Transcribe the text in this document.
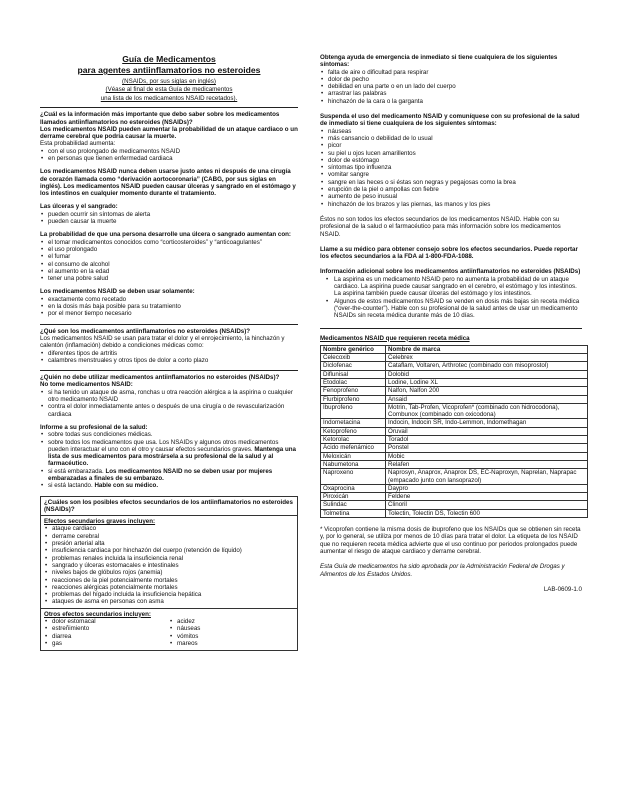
Guía de Medicamentos
para agentes antiinflamatorios no esteroides
(NSAIDs, por sus siglas en inglés)
(Véase al final de esta Guía de medicamentos
una lista de los medicamentos NSAID recetados).
¿Cuál es la información más importante que debo saber sobre los medicamentos llamados antiinflamatorios no esteroides (NSAIDs)?
Los medicamentos NSAID pueden aumentar la probabilidad de un ataque cardiaco o un derrame cerebral que podría causar la muerte.
Esta probabilidad aumenta:
• con el uso prolongado de medicamentos NSAID
• en personas que tienen enfermedad cardiaca

Los medicamentos NSAID nunca deben usarse justo antes ni después de una cirugía de corazón llamada como “derivación aortocoronaria” (CABG, por sus siglas en inglés). Los medicamentos NSAID pueden causar úlceras y sangrado en el estómago y los intestinos en cualquier momento durante el tratamiento.

Las úlceras y el sangrado:
• pueden ocurrir sin síntomas de alerta
• pueden causar la muerte
La probabilidad de que una persona desarrolle una úlcera o sangrado aumentan con:
• el tomar medicamentos conocidos como “corticosteroides” y “anticoagulantes”
• el uso prolongado
• el fumar
• el consumo de alcohol
• el aumento en la edad
• tener una pobre salud
Los medicamentos NSAID se deben usar solamente:
• exactamente como recetado
• en la dosis más baja posible para su tratamiento
• por el menor tiempo necesario
¿Qué son los medicamentos antiinflamatorios no esteroides (NSAIDs)?
Los medicamentos NSAID se usan para tratar el dolor y el enrojecimiento, la hinchazón y calentón (inflamación) debido a condiciones médicas como:
• diferentes tipos de artritis
• calambres menstruales y otros tipos de dolor a corto plazo
¿Quién no debe utilizar medicamentos antiinflamatorios no esteroides (NSAIDs)?
No tome medicamentos NSAID:
• si ha tenido un ataque de asma, ronchas u otra reacción alérgica a la aspirina o cualquier otro medicamento NSAID
• contra el dolor inmediatamente antes o después de una cirugía o de revascularización cardiaca
Informe a su profesional de la salud:
• sobre todas sus condiciones médicas.
• sobre todos los medicamentos que usa. Los NSAIDs y algunos otros medicamentos pueden interactuar el uno con el otro y causar efectos secundarios graves. Mantenga una lista de sus medicamentos para mostrársela a su profesional de la salud y al farmacéutico.
• si está embarazada. Los medicamentos NSAID no se deben usar por mujeres embarazadas a finales de su embarazo.
• si está lactando. Hable con su médico.
¿Cuáles son los posibles efectos secundarios de los antiinflamatorios no esteroides (NSAIDs)?
Efectos secundarios graves incluyen:
• ataque cardiaco
• derrame cerebral
• presión arterial alta
• insuficiencia cardiaca por hinchazón del cuerpo (retención de líquido)
• problemas renales incluida la insuficiencia renal
• sangrado y úlceras estomacales e intestinales
• niveles bajos de glóbulos rojos (anemia)
• reacciones de la piel potencialmente mortales
• reacciones alérgicas potencialmente mortales
• problemas del hígado incluida la insuficiencia hepática
• ataques de asma en personas con asma
Otros efectos secundarios incluyen:
• dolor estomacal
• estreñimiento
• diarrea
• gas
• acidez
• náuseas
• vómitos
• mareos
Obtenga ayuda de emergencia de inmediato si tiene cualquiera de los siguientes síntomas:
• falta de aire o dificultad para respirar
• dolor de pecho
• debilidad en una parte o en un lado del cuerpo
• arrastrar las palabras
• hinchazón de la cara o la garganta
Suspenda el uso del medicamento NSAID y comuníquese con su profesional de la salud de inmediato si tiene cualquiera de los siguientes síntomas:
• náuseas
• más cansancio o debilidad de lo usual
• picor
• su piel u ojos lucen amarillentos
• dolor de estómago
• síntomas tipo influenza
• vomitar sangre
• sangre en las heces o si éstas son negras y pegajosas como la brea
• erupción de la piel o ampollas con fiebre
• aumento de peso inusual
• hinchazón de los brazos y las piernas, las manos y los pies

Éstos no son todos los efectos secundarios de los medicamentos NSAID. Hable con su profesional de la salud o el farmacéutico para más información sobre los medicamentos NSAID.

Llame a su médico para obtener consejo sobre los efectos secundarios. Puede reportar los efectos secundarios a la FDA al 1-800-FDA-1088.

Información adicional sobre los medicamentos antiinflamatorios no esteroides (NSAIDs)
• La aspirina es un medicamento NSAID pero no aumenta la probabilidad de un ataque cardiaco. La aspirina puede causar sangrado en el cerebro, el estómago y los intestinos. La aspirina también puede causar úlceras del estómago y los intestinos.
• Algunos de estos medicamentos NSAID se venden en dosis más bajas sin receta médica (“over-the-counter”). Hable con su profesional de la salud antes de usar un medicamento NSAIDs sin receta médica durante más de 10 días.
Medicamentos NSAID que requieren receta médica
Nombre genérico	Nombre de marca
Celecoxib	Celebrex
Diclofenac	Cataflam, Voltaren, Arthrotec (combinado con misoprostol)
Diflunisal	Dolobid
Etodolac	Lodine, Lodine XL
Fenoprofeno	Nalfon, Nalfon 200
Flurbiprofeno	Ansaid
Ibuprofeno	Motrin, Tab-Profen, Vicoprofen* (combinado con hidrocodona), Combunox (combinado con oxicodona)
Indometacina	Indocin, Indocin SR, Indo-Lemmon, Indomethagan
Ketoprofeno	Oruvail
Ketorolac	Toradol
Ácido mefenámico	Ponstel
Meloxicán	Mobic
Nabumetona	Relafen
Naproxeno	Naprosyn, Anaprox, Anaprox DS, EC-Naproxyn, Naprelan, Naprapac (empacado junto con lansoprazol)
Oxaprocina	Daypro
Piroxicán	Feldene
Sulindac	Clinoril
Tolmetina	Tolectin, Tolectin DS, Tolectin 600

* Vicoprofen contiene la misma dosis de ibuprofeno que los NSAIDs que se obtienen sin receta y, por lo general, se utiliza por menos de 10 días para tratar el dolor. La etiqueta de los NSAID que no requieren receta médica advierte que el uso continuo por periodos prolongados puede aumentar el riesgo de ataque cardiaco y derrame cerebral.

Esta Guía de medicamentos ha sido aprobada por la Administración Federal de Drogas y Alimentos de los Estados Unidos.

LAB-0609-1.0
